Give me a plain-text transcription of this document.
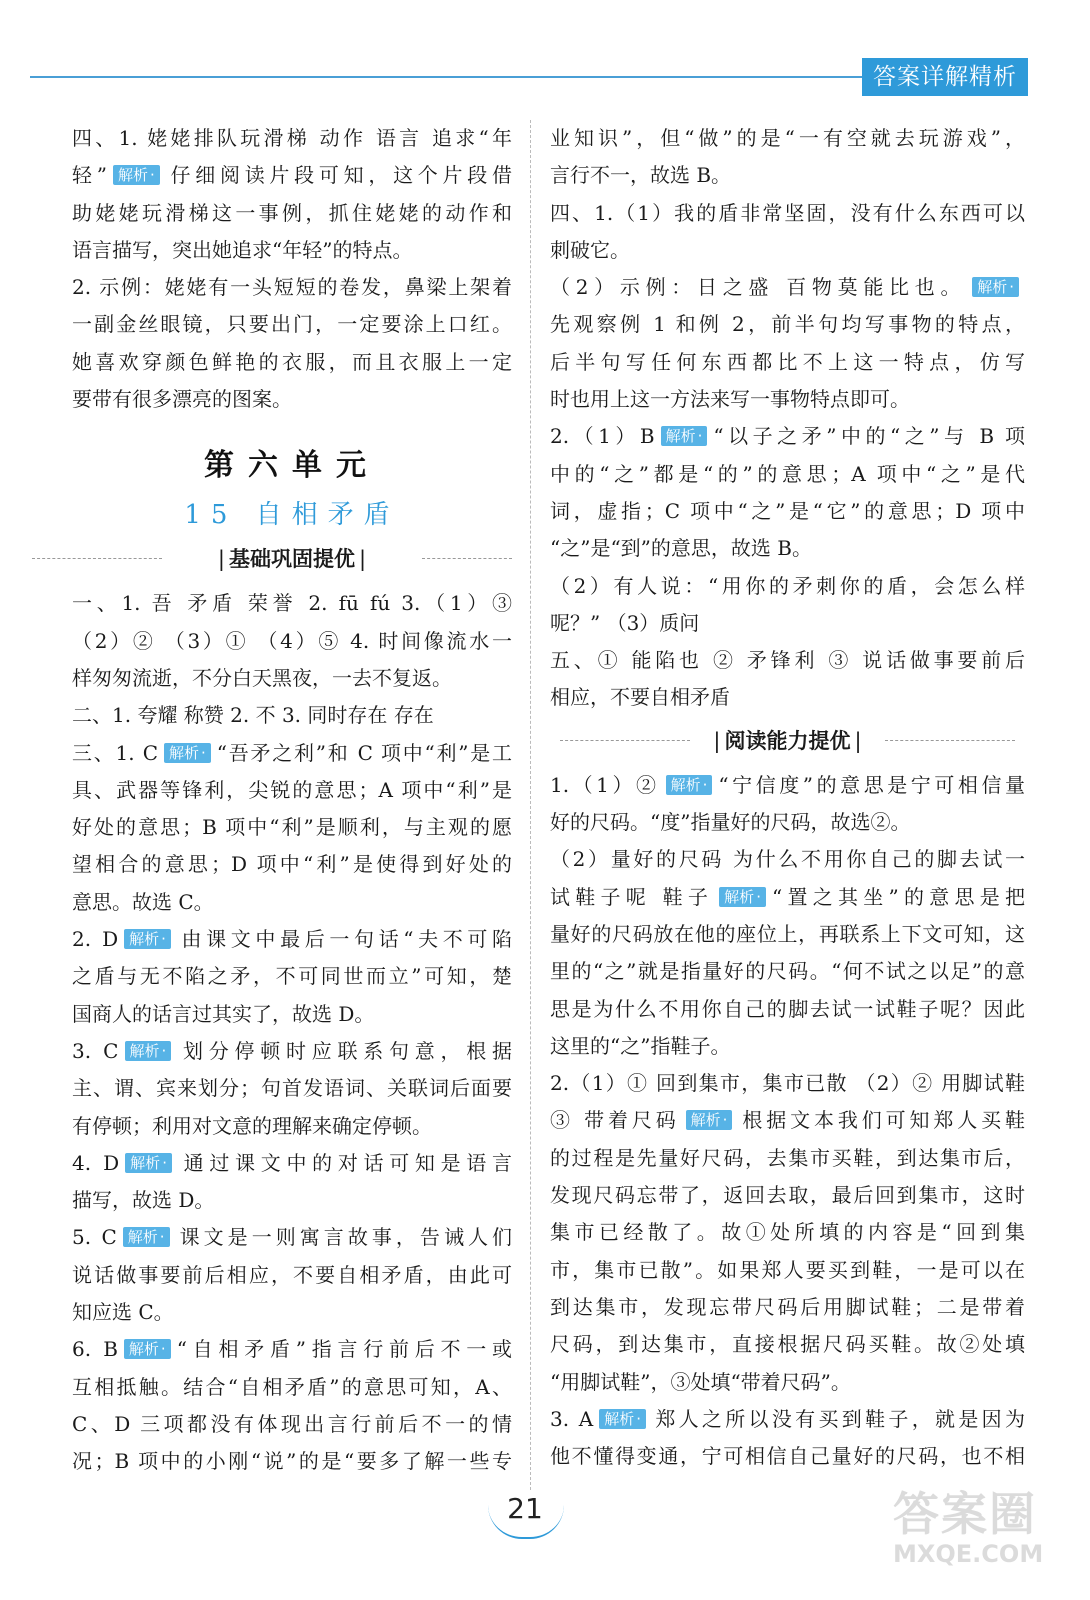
答案详解精析

四、1. 姥姥排队玩滑梯 动作 语言 追求“年

轻” 解析 · 仔细阅读片段可知，这个片段借

助姥姥玩滑梯这一事例，抓住姥姥的动作和

语言描写，突出她追求“年轻”的特点。

2. 示例：姥姥有一头短短的卷发，鼻梁上架着

一副金丝眼镜，只要出门，一定要涂上口红。

她喜欢穿颜色鲜艳的衣服，而且衣服上一定

要带有很多漂亮的图案。

第六单元
15 自相矛盾
| 基础巩固提优 |

一、1. 吾 矛盾 荣誉 2. fū fú 3.（1）③

（2）② （3）① （4）⑤ 4. 时间像流水一

样匆匆流逝，不分白天黑夜，一去不复返。

二、1. 夸耀 称赞 2. 不 3. 同时存在 存在

三、1. C 解析 · “吾矛之利”和 C 项中“利”是工

具、武器等锋利，尖锐的意思；A 项中“利”是

好处的意思；B 项中“利”是顺利，与主观的愿

望相合的意思；D 项中“利”是使得到好处的

意思。故选 C。

2. D 解析 · 由课文中最后一句话“夫不可陷

之盾与无不陷之矛，不可同世而立”可知，楚

国商人的话言过其实了，故选 D。

3. C 解析 · 划分停顿时应联系句意，根据

主、谓、宾来划分；句首发语词、关联词后面要

有停顿；利用对文意的理解来确定停顿。

4. D 解析 · 通过课文中的对话可知是语言

描写，故选 D。

5. C 解析 · 课文是一则寓言故事，告诫人们

说话做事要前后相应，不要自相矛盾，由此可

知应选 C。

6. B 解析 · “自相矛盾”指言行前后不一或

互相抵触。结合“自相矛盾”的意思可知，A、

C、D 三项都没有体现出言行前后不一的情

况；B 项中的小刚“说”的是“要多了解一些专

业知识”，但“做”的是“一有空就去玩游戏”，

言行不一，故选 B。

四、1.（1）我的盾非常坚固，没有什么东西可以

刺破它。

（2）示例：日之盛 百物莫能比也。 解析 ·

先观察例 1 和例 2，前半句均写事物的特点，

后半句写任何东西都比不上这一特点，仿写

时也用上这一方法来写一事物特点即可。

2.（1）B 解析 · “以子之矛”中的“之”与 B 项

中的“之”都是“的”的意思；A 项中“之”是代

词，虚指；C 项中“之”是“它”的意思；D 项中

“之”是“到”的意思，故选 B。

（2）有人说：“用你的矛刺你的盾，会怎么样

呢？” （3）质问

五、① 能陷也 ② 矛锋利 ③ 说话做事要前后

相应，不要自相矛盾

| 阅读能力提优 |

1.（1）② 解析 · “宁信度”的意思是宁可相信量

好的尺码。“度”指量好的尺码，故选②。

（2）量好的尺码 为什么不用你自己的脚去试一

试鞋子呢 鞋子 解析 · “置之其坐”的意思是把

量好的尺码放在他的座位上，再联系上下文可知，这

里的“之”就是指量好的尺码。“何不试之以足”的意

思是为什么不用你自己的脚去试一试鞋子呢？因此

这里的“之”指鞋子。

2.（1）① 回到集市，集市已散 （2）② 用脚试鞋

③ 带着尺码 解析 · 根据文本我们可知郑人买鞋

的过程是先量好尺码，去集市买鞋，到达集市后，

发现尺码忘带了，返回去取，最后回到集市，这时

集市已经散了。故①处所填的内容是“回到集

市，集市已散”。如果郑人要买到鞋，一是可以在

到达集市，发现忘带尺码后用脚试鞋；二是带着

尺码，到达集市，直接根据尺码买鞋。故②处填

“用脚试鞋”，③处填“带着尺码”。

3. A 解析 · 郑人之所以没有买到鞋子，就是因为

他不懂得变通，宁可相信自己量好的尺码，也不相

21	答案圈
MXQE.COM
